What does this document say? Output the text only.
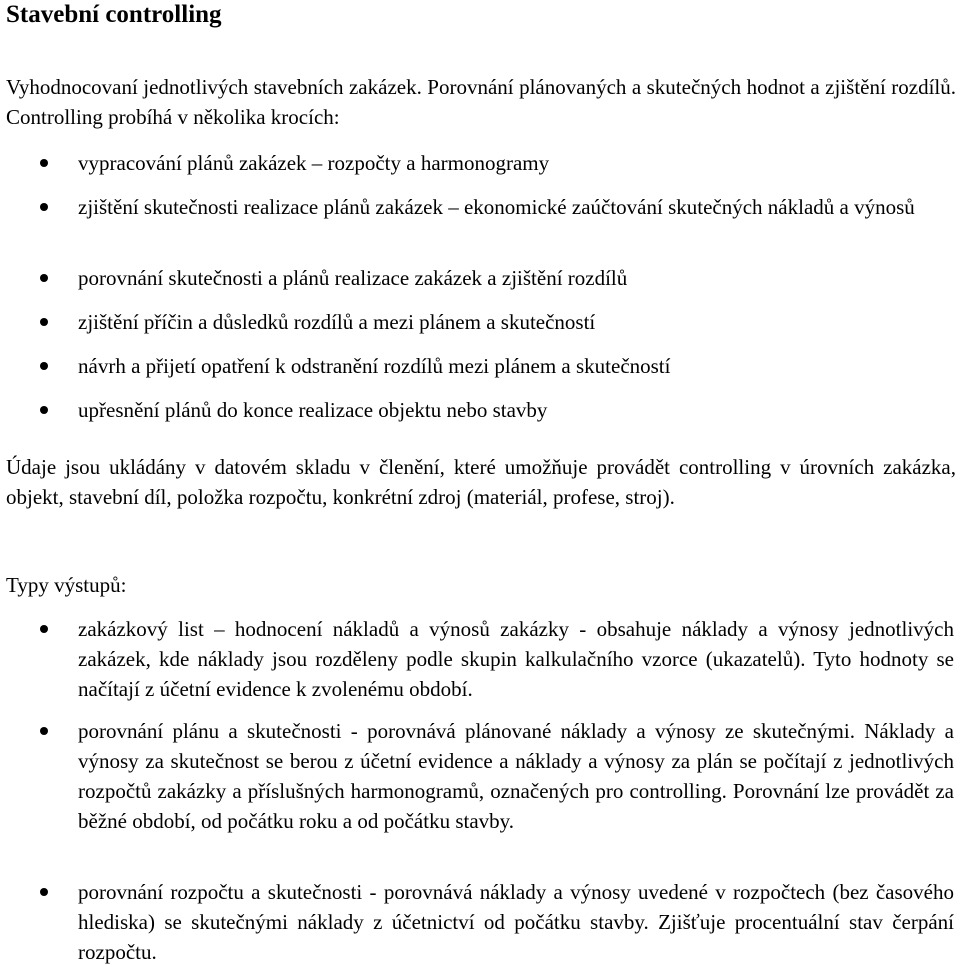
Stavební controlling

Vyhodnocovaní jednotlivých stavebních zakázek. Porovnání plánovaných a skutečných hodnot a zjištění rozdílů. Controlling probíhá v několika krocích:

vypracování plánů zakázek – rozpočty a harmonogramy

zjištění skutečnosti realizace plánů zakázek – ekonomické zaúčtování skutečných nákladů a výnosů

porovnání skutečnosti a plánů realizace zakázek a zjištění rozdílů

zjištění příčin a důsledků rozdílů a mezi plánem a skutečností

návrh a přijetí opatření k odstranění rozdílů mezi plánem a skutečností

upřesnění plánů do konce realizace objektu nebo stavby

Údaje jsou ukládány v datovém skladu v členění, které umožňuje provádět controlling v úrovních zakázka, objekt, stavební díl, položka rozpočtu, konkrétní zdroj (materiál, profese, stroj).

Typy výstupů:

zakázkový list – hodnocení nákladů a výnosů zakázky - obsahuje náklady a výnosy jednotlivých zakázek, kde náklady jsou rozděleny podle skupin kalkulačního vzorce (ukazatelů). Tyto hodnoty se načítají z účetní evidence k zvolenému období.

porovnání plánu a skutečnosti - porovnává plánované náklady a výnosy ze skutečnými. Náklady a výnosy za skutečnost se berou z účetní evidence a náklady a výnosy za plán se počítají z jednotlivých rozpočtů zakázky a příslušných harmonogramů, označených pro controlling. Porovnání lze provádět za běžné období, od počátku roku a od počátku stavby.

porovnání rozpočtu a skutečnosti - porovnává náklady a výnosy uvedené v rozpočtech (bez časového hlediska) se skutečnými náklady z účetnictví od počátku stavby. Zjišťuje procentuální stav čerpání rozpočtu.
